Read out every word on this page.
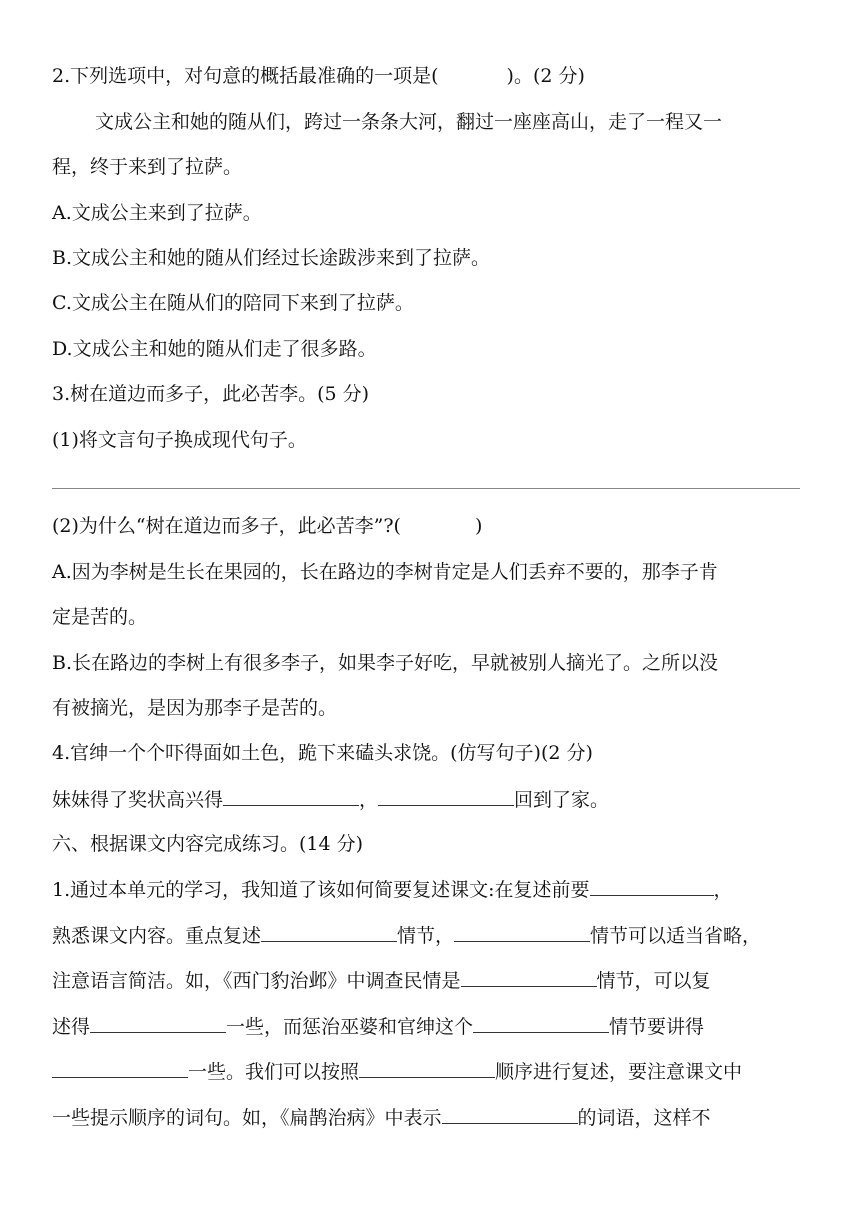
2.下列选项中，对句意的概括最准确的一项是(	)。(2 分)
文成公主和她的随从们，跨过一条条大河，翻过一座座高山，走了一程又一
程，终于来到了拉萨。
A.文成公主来到了拉萨。
B.文成公主和她的随从们经过长途跋涉来到了拉萨。
C.文成公主在随从们的陪同下来到了拉萨。
D.文成公主和她的随从们走了很多路。
3.树在道边而多子，此必苦李。(5 分)
(1)将文言句子换成现代句子。
(2)为什么“树在道边而多子，此必苦李”?(	)
A.因为李树是生长在果园的，长在路边的李树肯定是人们丢弃不要的，那李子肯
定是苦的。
B.长在路边的李树上有很多李子，如果李子好吃，早就被别人摘光了。之所以没
有被摘光，是因为那李子是苦的。
4.官绅一个个吓得面如土色，跪下来磕头求饶。(仿写句子)(2 分)
妹妹得了奖状高兴得	，	回到了家。
六、根据课文内容完成练习。(14 分)
1.通过本单元的学习，我知道了该如何简要复述课文:在复述前要	，
熟悉课文内容。重点复述	情节，	情节可以适当省略，
注意语言简洁。如，《西门豹治邺》中调查民情是	情节，可以复
述得	一些，而惩治巫婆和官绅这个	情节要讲得
一些。我们可以按照	顺序进行复述，要注意课文中
一些提示顺序的词句。如，《扁鹊治病》中表示	的词语，这样不
